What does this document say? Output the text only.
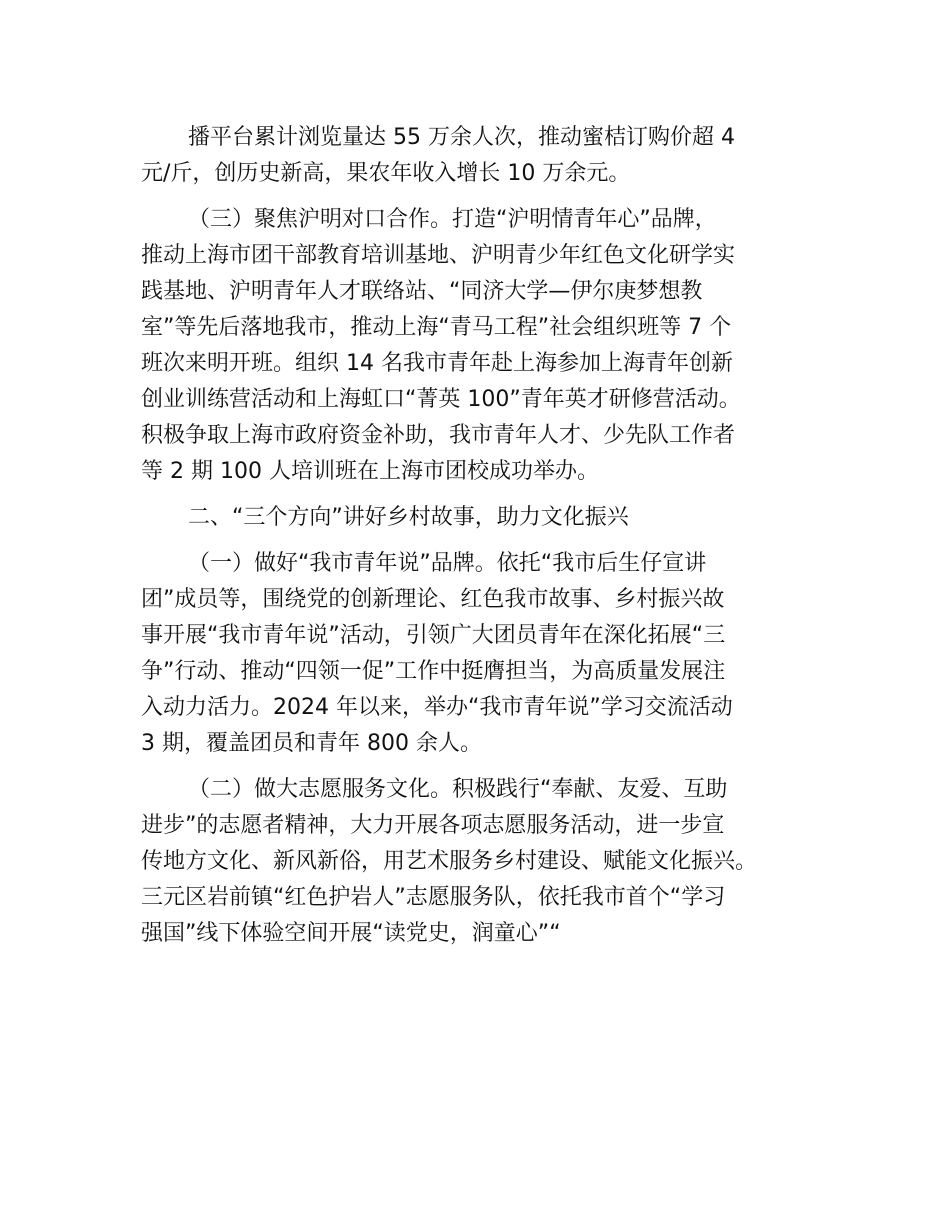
播平台累计浏览量达 55 万余人次，推动蜜桔订购价超 4
元/斤，创历史新高，果农年收入增长 10 万余元。
（三）聚焦沪明对口合作。打造“沪明情青年心”品牌，
推动上海市团干部教育培训基地、沪明青少年红色文化研学实
践基地、沪明青年人才联络站、“同济大学—伊尔庚梦想教
室”等先后落地我市，推动上海“青马工程”社会组织班等 7 个
班次来明开班。组织 14 名我市青年赴上海参加上海青年创新
创业训练营活动和上海虹口“菁英 100”青年英才研修营活动。
积极争取上海市政府资金补助，我市青年人才、少先队工作者
等 2 期 100 人培训班在上海市团校成功举办。
二、“三个方向”讲好乡村故事，助力文化振兴
（一）做好“我市青年说”品牌。依托“我市后生仔宣讲
团”成员等，围绕党的创新理论、红色我市故事、乡村振兴故
事开展“我市青年说”活动，引领广大团员青年在深化拓展“三
争”行动、推动“四领一促”工作中挺膺担当，为高质量发展注
入动力活力。2024 年以来，举办“我市青年说”学习交流活动
3 期，覆盖团员和青年 800 余人。
（二）做大志愿服务文化。积极践行“奉献、友爱、互助
进步”的志愿者精神，大力开展各项志愿服务活动，进一步宣
传地方文化、新风新俗，用艺术服务乡村建设、赋能文化振兴。
三元区岩前镇“红色护岩人”志愿服务队，依托我市首个“学习
强国”线下体验空间开展“读党史，润童心”“
